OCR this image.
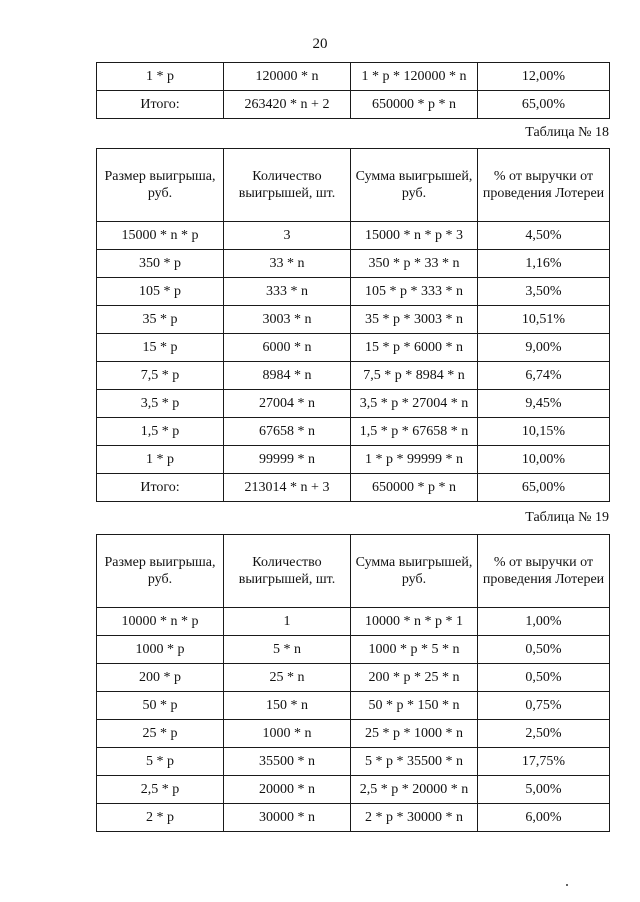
20
1 * p	120000 * n	1 * p * 120000 * n	12,00%
Итого:	263420 * n + 2	650000 * p * n	65,00%
Таблица № 18
Размер выигрыша, руб.	Количество выигрышей, шт.	Сумма выигрышей, руб.	% от выручки от проведения Лотереи
15000 * n * p	3	15000 * n * p * 3	4,50%
350 * p	33 * n	350 * p * 33 * n	1,16%
105 * p	333 * n	105 * p * 333 * n	3,50%
35 * p	3003 * n	35 * p * 3003 * n	10,51%
15 * p	6000 * n	15 * p * 6000 * n	9,00%
7,5 * p	8984 * n	7,5 * p * 8984 * n	6,74%
3,5 * p	27004 * n	3,5 * p * 27004 * n	9,45%
1,5 * p	67658 * n	1,5 * p * 67658 * n	10,15%
1 * p	99999 * n	1 * p * 99999 * n	10,00%
Итого:	213014 * n + 3	650000 * p * n	65,00%
Таблица № 19
Размер выигрыша, руб.	Количество выигрышей, шт.	Сумма выигрышей, руб.	% от выручки от проведения Лотереи
10000 * n * p	1	10000 * n * p * 1	1,00%
1000 * p	5 * n	1000 * p * 5 * n	0,50%
200 * p	25 * n	200 * p * 25 * n	0,50%
50 * p	150 * n	50 * p * 150 * n	0,75%
25 * p	1000 * n	25 * p * 1000 * n	2,50%
5 * p	35500 * n	5 * p * 35500 * n	17,75%
2,5 * p	20000 * n	2,5 * p * 20000 * n	5,00%
2 * p	30000 * n	2 * p * 30000 * n	6,00%
